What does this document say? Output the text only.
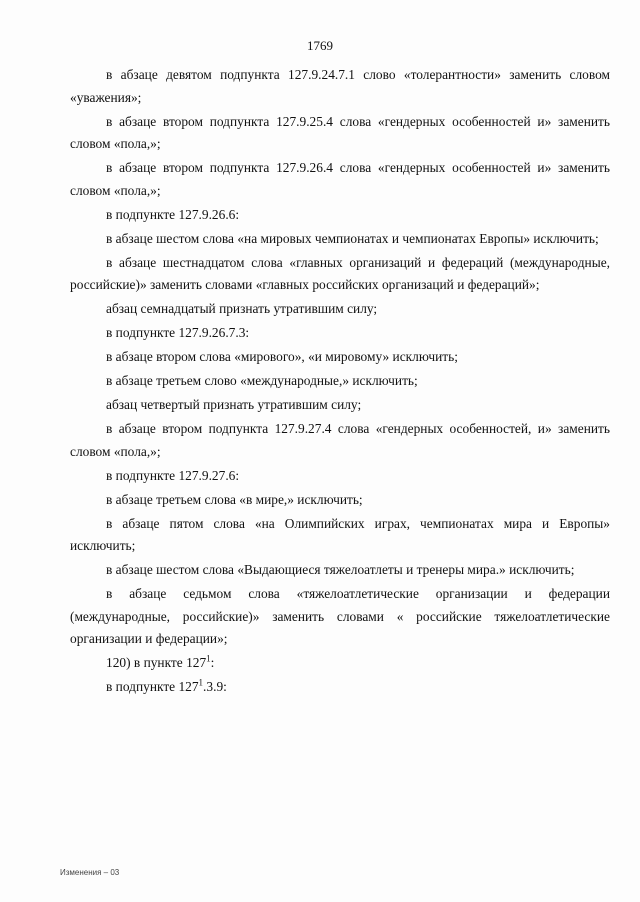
1769

в абзаце девятом подпункта 127.9.24.7.1 слово «толерантности» заменить словом «уважения»;

в абзаце втором подпункта 127.9.25.4 слова «гендерных особенностей и» заменить словом «пола,»;

в абзаце втором подпункта 127.9.26.4 слова «гендерных особенностей и» заменить словом «пола,»;

в подпункте 127.9.26.6:

в абзаце шестом слова «на мировых чемпионатах и чемпионатах Европы» исключить;

в абзаце шестнадцатом слова «главных организаций и федераций (международные, российские)» заменить словами «главных российских организаций и федераций»;

абзац семнадцатый признать утратившим силу;

в подпункте 127.9.26.7.3:

в абзаце втором слова «мирового», «и мировому» исключить;

в абзаце третьем слово «международные,» исключить;

абзац четвертый признать утратившим силу;

в абзаце втором подпункта 127.9.27.4 слова «гендерных особенностей, и» заменить словом «пола,»;

в подпункте 127.9.27.6:

в абзаце третьем слова «в мире,» исключить;

в абзаце пятом слова «на Олимпийских играх, чемпионатах мира и Европы» исключить;

в абзаце шестом слова «Выдающиеся тяжелоатлеты и тренеры мира.» исключить;

в абзаце седьмом слова «тяжелоатлетические организации и федерации (международные, российские)» заменить словами « российские тяжелоатлетические организации и федерации»;

120) в пункте $127^1$:

в подпункте $127^1.3.9$:

Изменения – 03
